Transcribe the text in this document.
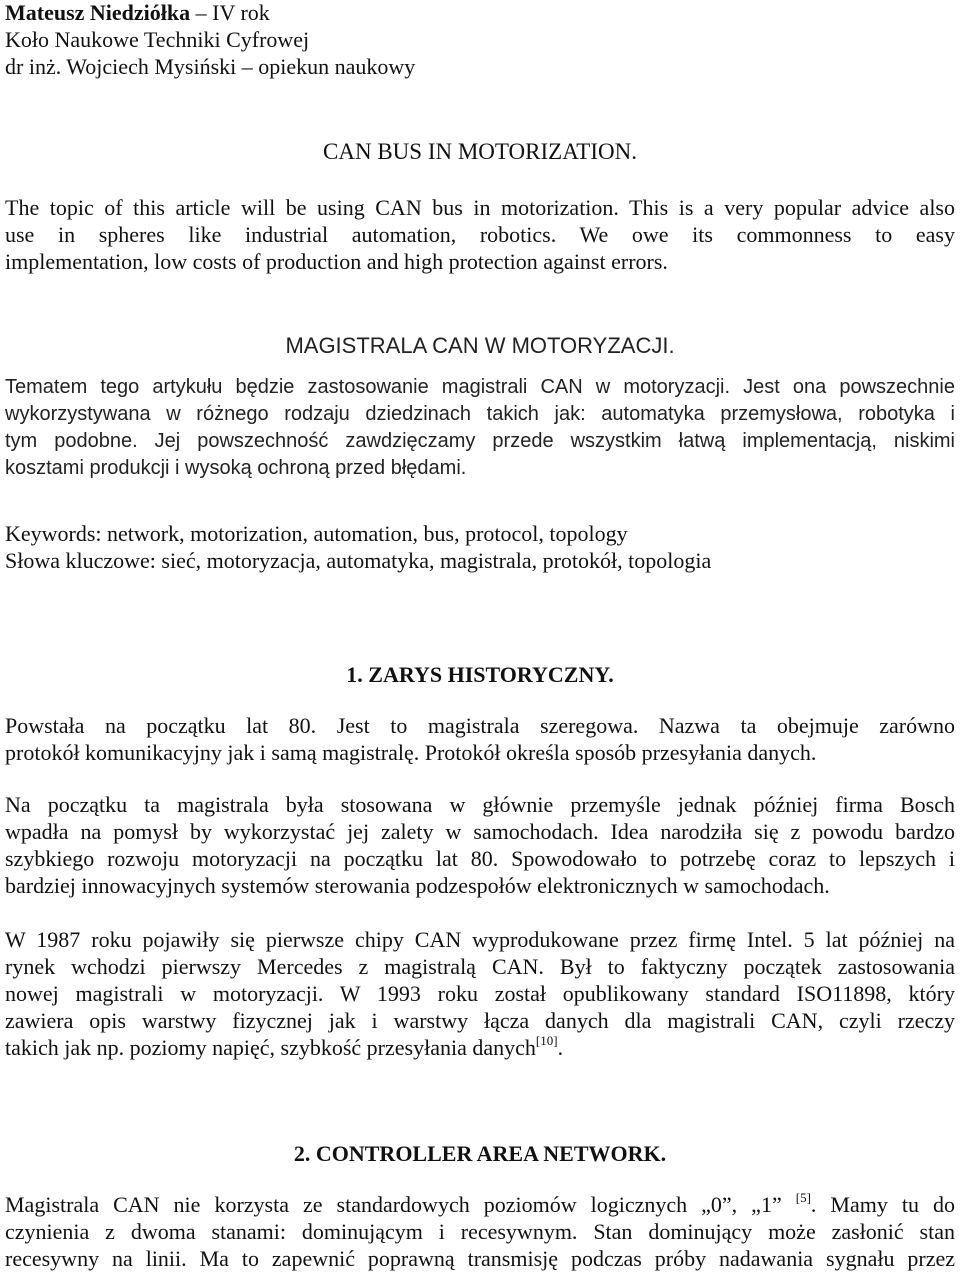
Mateusz Niedziółka – IV rok
Koło Naukowe Techniki Cyfrowej
dr inż. Wojciech Mysiński – opiekun naukowy
CAN BUS IN MOTORIZATION.
The topic of this article will be using CAN bus in motorization. This is a very popular advice also
use in spheres like industrial automation, robotics. We owe its commonness to easy
implementation, low costs of production and high protection against errors.
MAGISTRALA CAN W MOTORYZACJI.
Tematem tego artykułu będzie zastosowanie magistrali CAN w motoryzacji. Jest ona powszechnie
wykorzystywana w różnego rodzaju dziedzinach takich jak: automatyka przemysłowa, robotyka i
tym podobne. Jej powszechność zawdzięczamy przede wszystkim łatwą implementacją, niskimi
kosztami produkcji i wysoką ochroną przed błędami.
Keywords: network, motorization, automation, bus, protocol, topology
Słowa kluczowe: sieć, motoryzacja, automatyka, magistrala, protokół, topologia
1. ZARYS HISTORYCZNY.
Powstała na początku lat 80. Jest to magistrala szeregowa. Nazwa ta obejmuje zarówno
protokół komunikacyjny jak i samą magistralę. Protokół określa sposób przesyłania danych.
Na początku ta magistrala była stosowana w głównie przemyśle jednak później firma Bosch
wpadła na pomysł by wykorzystać jej zalety w samochodach. Idea narodziła się z powodu bardzo
szybkiego rozwoju motoryzacji na początku lat 80. Spowodowało to potrzebę coraz to lepszych i
bardziej innowacyjnych systemów sterowania podzespołów elektronicznych w samochodach.
W 1987 roku pojawiły się pierwsze chipy CAN wyprodukowane przez firmę Intel. 5 lat później na
rynek wchodzi pierwszy Mercedes z magistralą CAN. Był to faktyczny początek zastosowania
nowej magistrali w motoryzacji. W 1993 roku został opublikowany standard ISO11898, który
zawiera opis warstwy fizycznej jak i warstwy łącza danych dla magistrali CAN, czyli rzeczy
takich jak np. poziomy napięć, szybkość przesyłania danych[10].
2. CONTROLLER AREA NETWORK.
Magistrala CAN nie korzysta ze standardowych poziomów logicznych „0”, „1” [5]. Mamy tu do
czynienia z dwoma stanami: dominującym i recesywnym. Stan dominujący może zasłonić stan
recesywny na linii. Ma to zapewnić poprawną transmisję podczas próby nadawania sygnału przez
